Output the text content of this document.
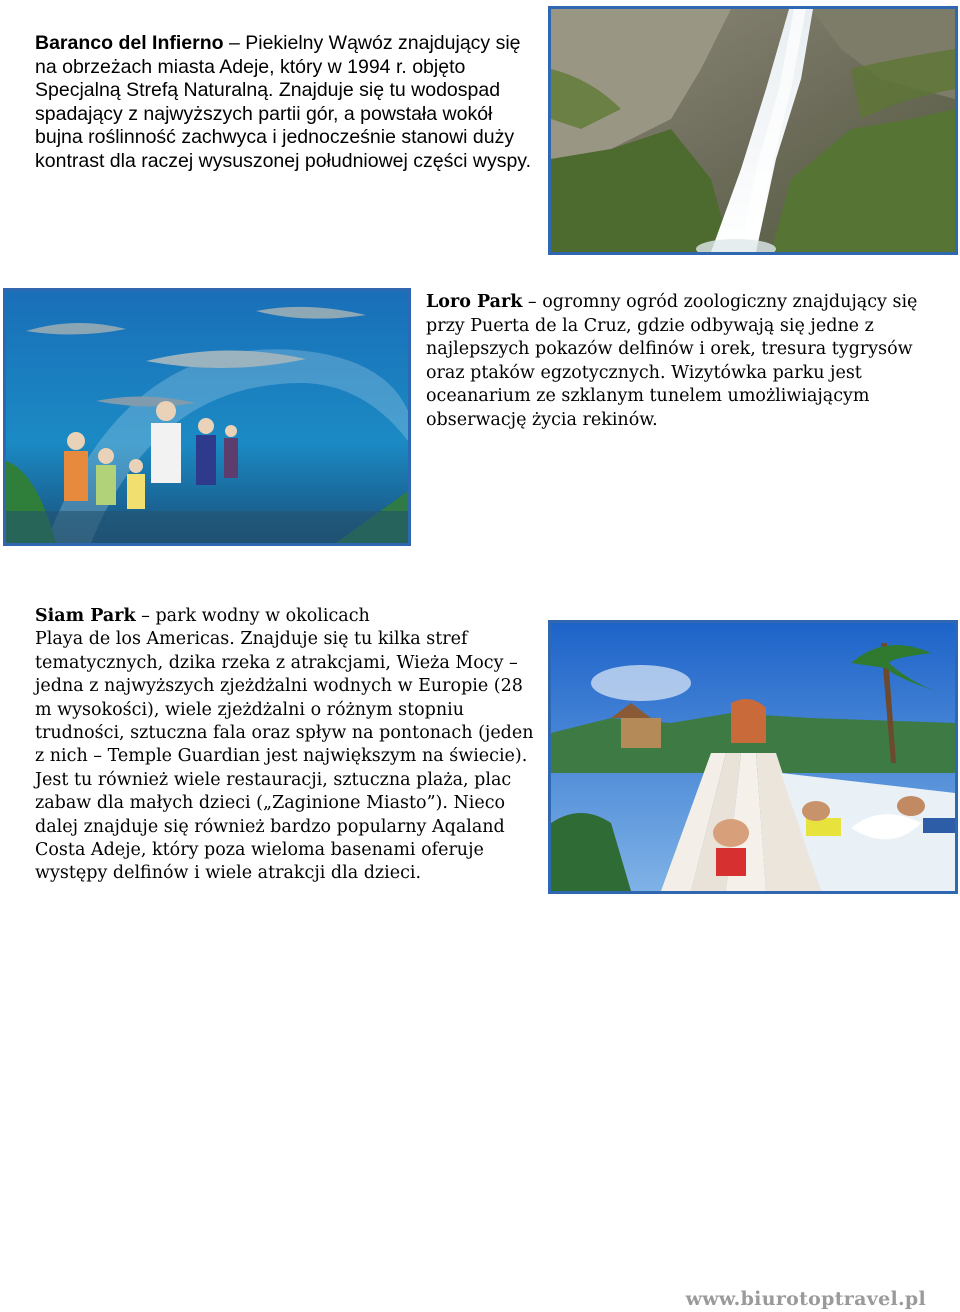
Baranco del Infierno – Piekielny Wąwóz znajdujący się na obrzeżach miasta Adeje, który w 1994 r. objęto Specjalną Strefą Naturalną. Znajduje się tu wodospad spadający z najwyższych partii gór, a powstała wokół bujna roślinność zachwyca i jednocześnie stanowi duży kontrast dla raczej wysuszonej południowej części wyspy.
Loro Park – ogromny ogród zoologiczny znajdujący się przy Puerta de la Cruz, gdzie odbywają się jedne z najlepszych pokazów delfinów i orek, tresura tygrysów oraz ptaków egzotycznych. Wizytówka parku jest oceanarium ze szklanym tunelem umożliwiającym obserwację życia rekinów.
Siam Park – park wodny w okolicach
Playa de los Americas. Znajduje się tu kilka stref tematycznych, dzika rzeka z atrakcjami, Wieża Mocy – jedna z najwyższych zjeżdżalni wodnych w Europie (28 m wysokości), wiele zjeżdżalni o różnym stopniu trudności, sztuczna fala oraz spływ na pontonach (jeden z nich – Temple Guardian jest największym na świecie). Jest tu również wiele restauracji, sztuczna plaża, plac zabaw dla małych dzieci („Zaginione Miasto”). Nieco dalej znajduje się również bardzo popularny Aqaland Costa Adeje, który poza wieloma basenami oferuje występy delfinów i wiele atrakcji dla dzieci.
www.biurotoptravel.pl
